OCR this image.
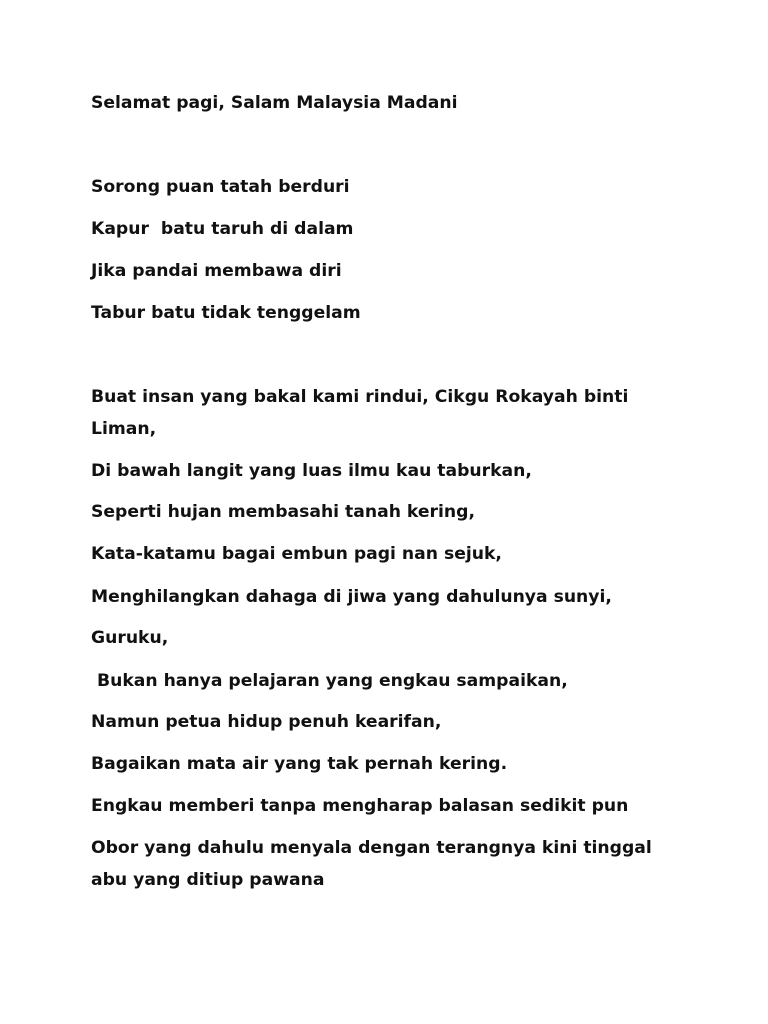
Selamat pagi, Salam Malaysia Madani

Sorong puan tatah berduri

Kapur  batu taruh di dalam

Jika pandai membawa diri

Tabur batu tidak tenggelam

Buat insan yang bakal kami rindui, Cikgu Rokayah binti Liman,

Di bawah langit yang luas ilmu kau taburkan,

Seperti hujan membasahi tanah kering,

Kata-katamu bagai embun pagi nan sejuk,

Menghilangkan dahaga di jiwa yang dahulunya sunyi,

Guruku,

Bukan hanya pelajaran yang engkau sampaikan,

Namun petua hidup penuh kearifan,

Bagaikan mata air yang tak pernah kering.

Engkau memberi tanpa mengharap balasan sedikit pun

Obor yang dahulu menyala dengan terangnya kini tinggal abu yang ditiup pawana
